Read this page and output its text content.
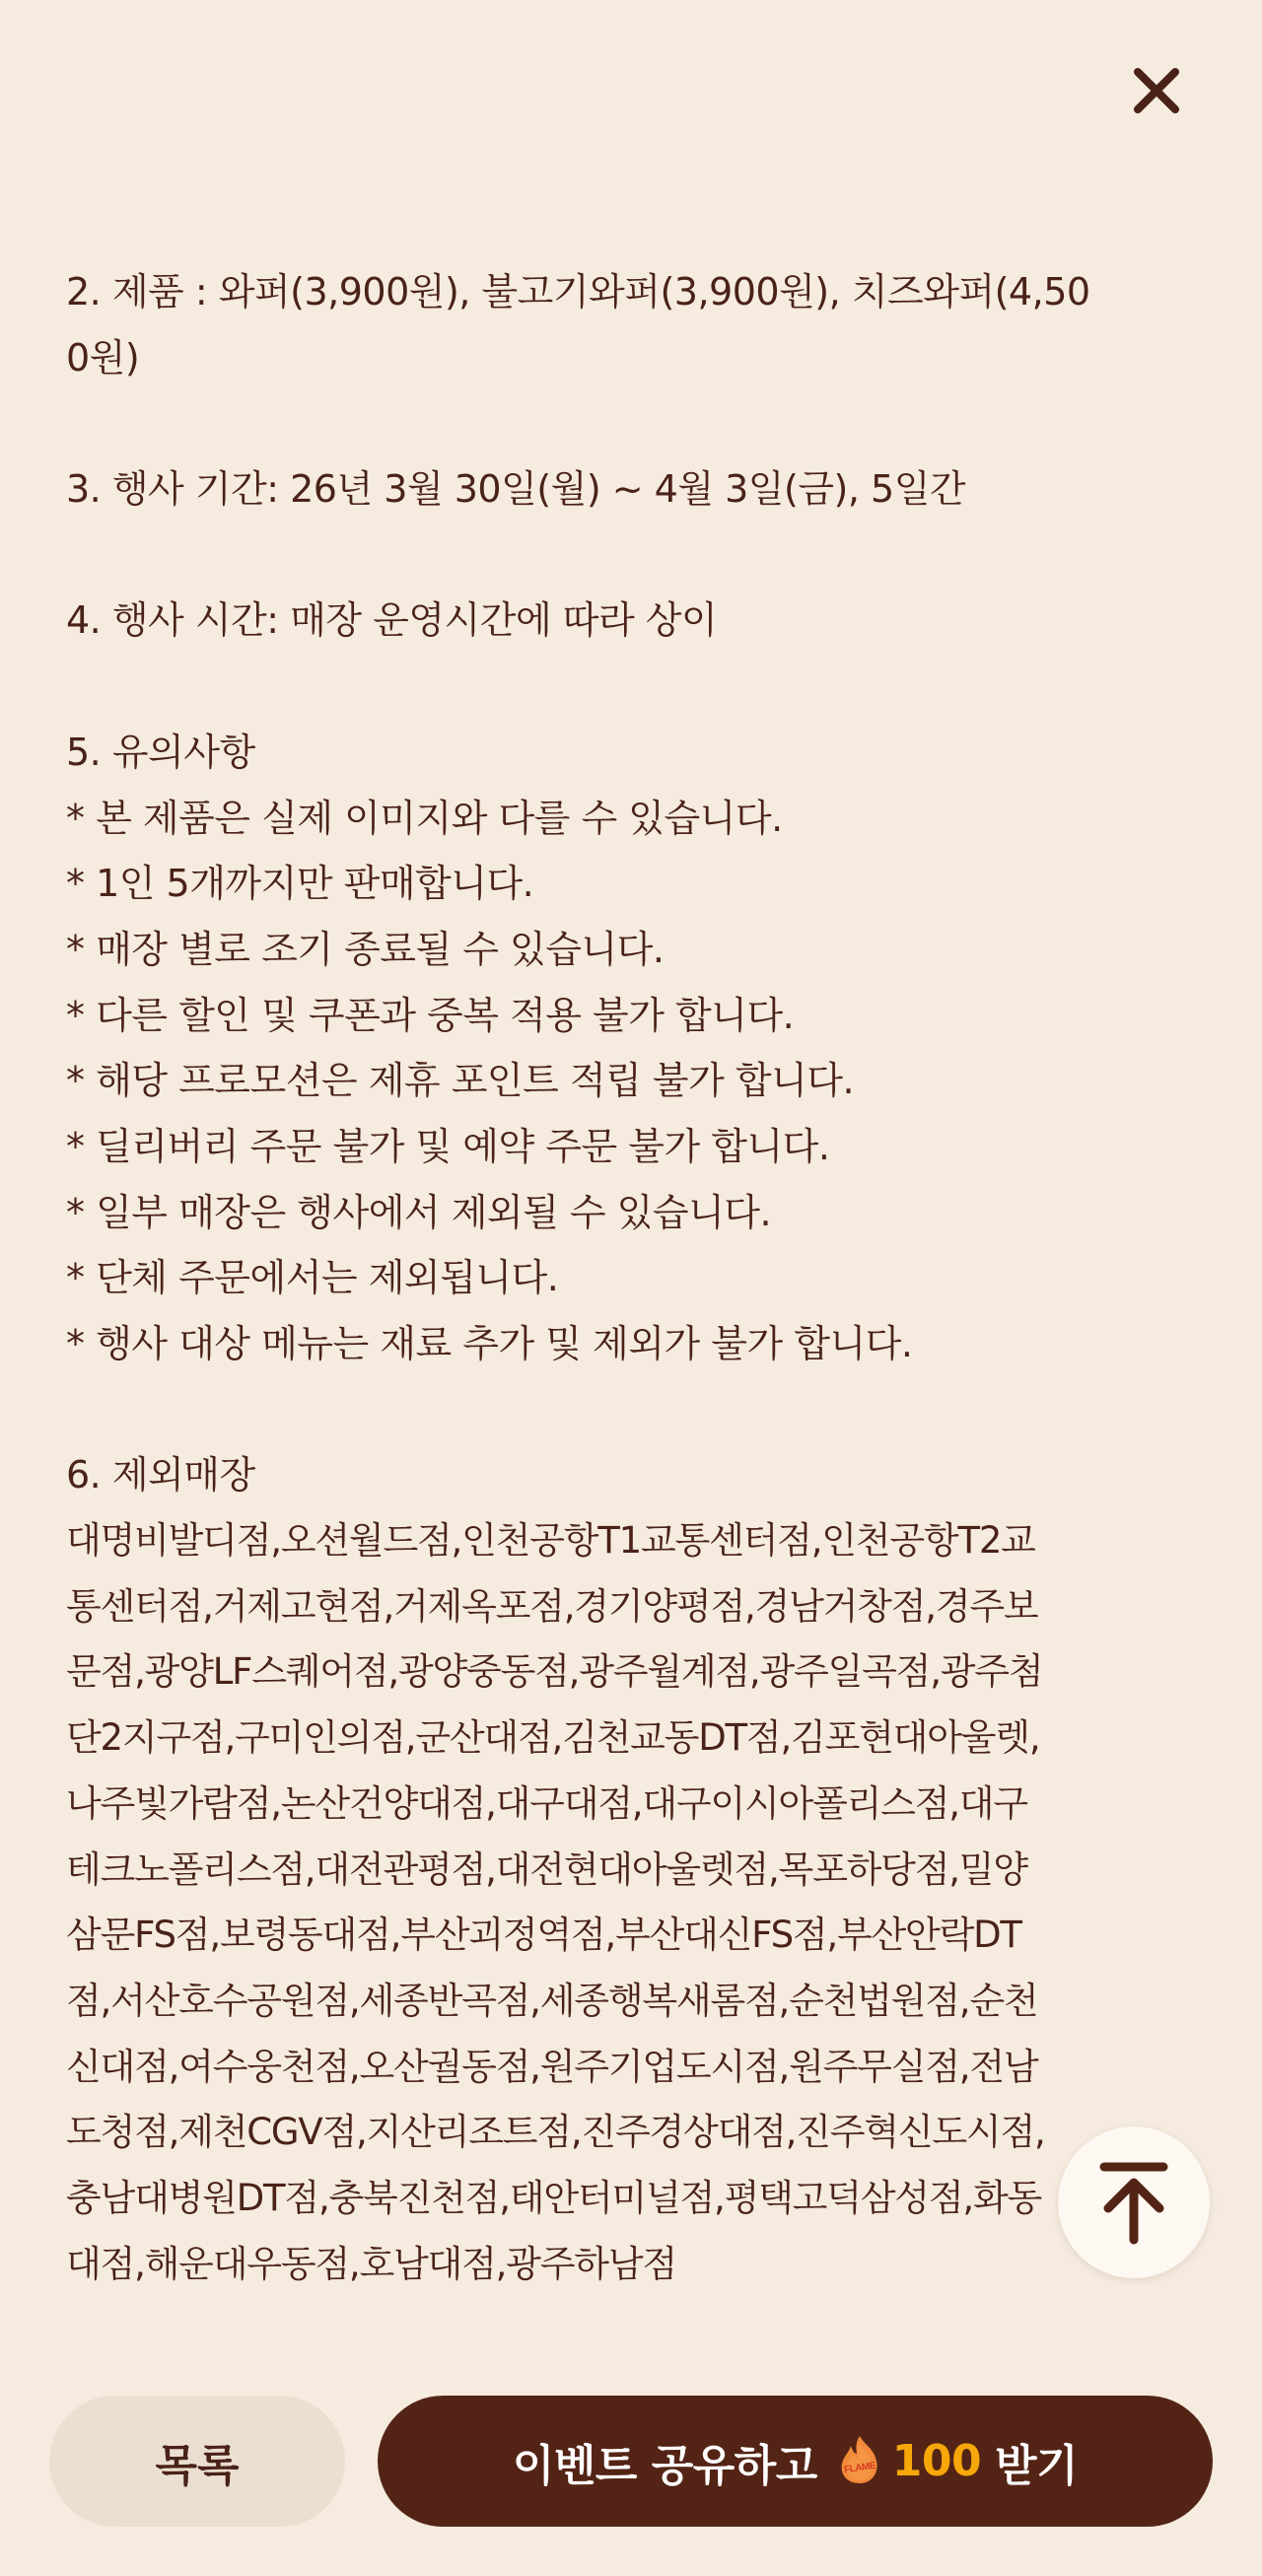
2. 제품 : 와퍼(3,900원), 불고기와퍼(3,900원), 치즈와퍼(4,50
0원)
3. 행사 기간: 26년 3월 30일(월) ~ 4월 3일(금), 5일간
4. 행사 시간: 매장 운영시간에 따라 상이
5. 유의사항
* 본 제품은 실제 이미지와 다를 수 있습니다.
* 1인 5개까지만 판매합니다.
* 매장 별로 조기 종료될 수 있습니다.
* 다른 할인 및 쿠폰과 중복 적용 불가 합니다.
* 해당 프로모션은 제휴 포인트 적립 불가 합니다.
* 딜리버리 주문 불가 및 예약 주문 불가 합니다.
* 일부 매장은 행사에서 제외될 수 있습니다.
* 단체 주문에서는 제외됩니다.
* 행사 대상 메뉴는 재료 추가 및 제외가 불가 합니다.
6. 제외매장
대명비발디점,오션월드점,인천공항T1교통센터점,인천공항T2교
통센터점,거제고현점,거제옥포점,경기양평점,경남거창점,경주보
문점,광양LF스퀘어점,광양중동점,광주월계점,광주일곡점,광주첨
단2지구점,구미인의점,군산대점,김천교동DT점,김포현대아울렛,
나주빛가람점,논산건양대점,대구대점,대구이시아폴리스점,대구
테크노폴리스점,대전관평점,대전현대아울렛점,목포하당점,밀양
삼문FS점,보령동대점,부산괴정역점,부산대신FS점,부산안락DT
점,서산호수공원점,세종반곡점,세종행복새롬점,순천법원점,순천
신대점,여수웅천점,오산궐동점,원주기업도시점,원주무실점,전남
도청점,제천CGV점,지산리조트점,진주경상대점,진주혁신도시점,
충남대병원DT점,충북진천점,태안터미널점,평택고덕삼성점,화동
대점,해운대우동점,호남대점,광주하남점
목록	이벤트 공유하고	FLAME 100 받기
